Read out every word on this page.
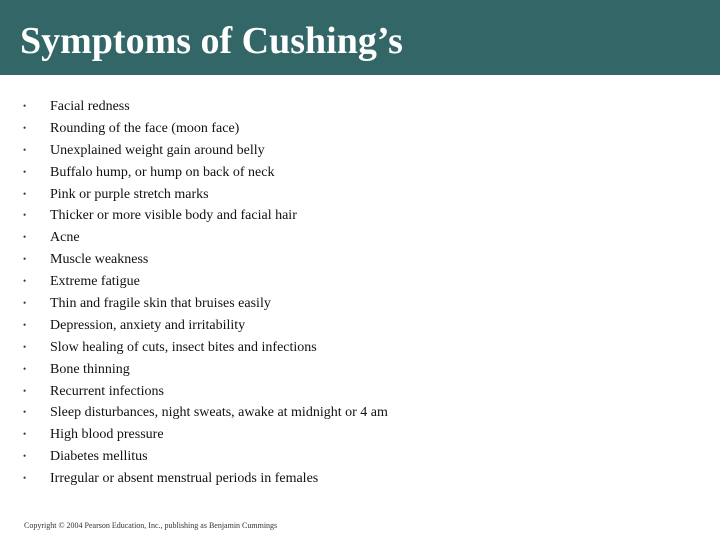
Symptoms of Cushing’s
• Facial redness
• Rounding of the face (moon face)
• Unexplained weight gain around belly
• Buffalo hump, or hump on back of neck
• Pink or purple stretch marks
• Thicker or more visible body and facial hair
• Acne
• Muscle weakness
• Extreme fatigue
• Thin and fragile skin that bruises easily
• Depression, anxiety and irritability
• Slow healing of cuts, insect bites and infections
• Bone thinning
• Recurrent infections
• Sleep disturbances, night sweats, awake at midnight or 4 am
• High blood pressure
• Diabetes mellitus
• Irregular or absent menstrual periods in females
Copyright © 2004 Pearson Education, Inc., publishing as Benjamin Cummings
